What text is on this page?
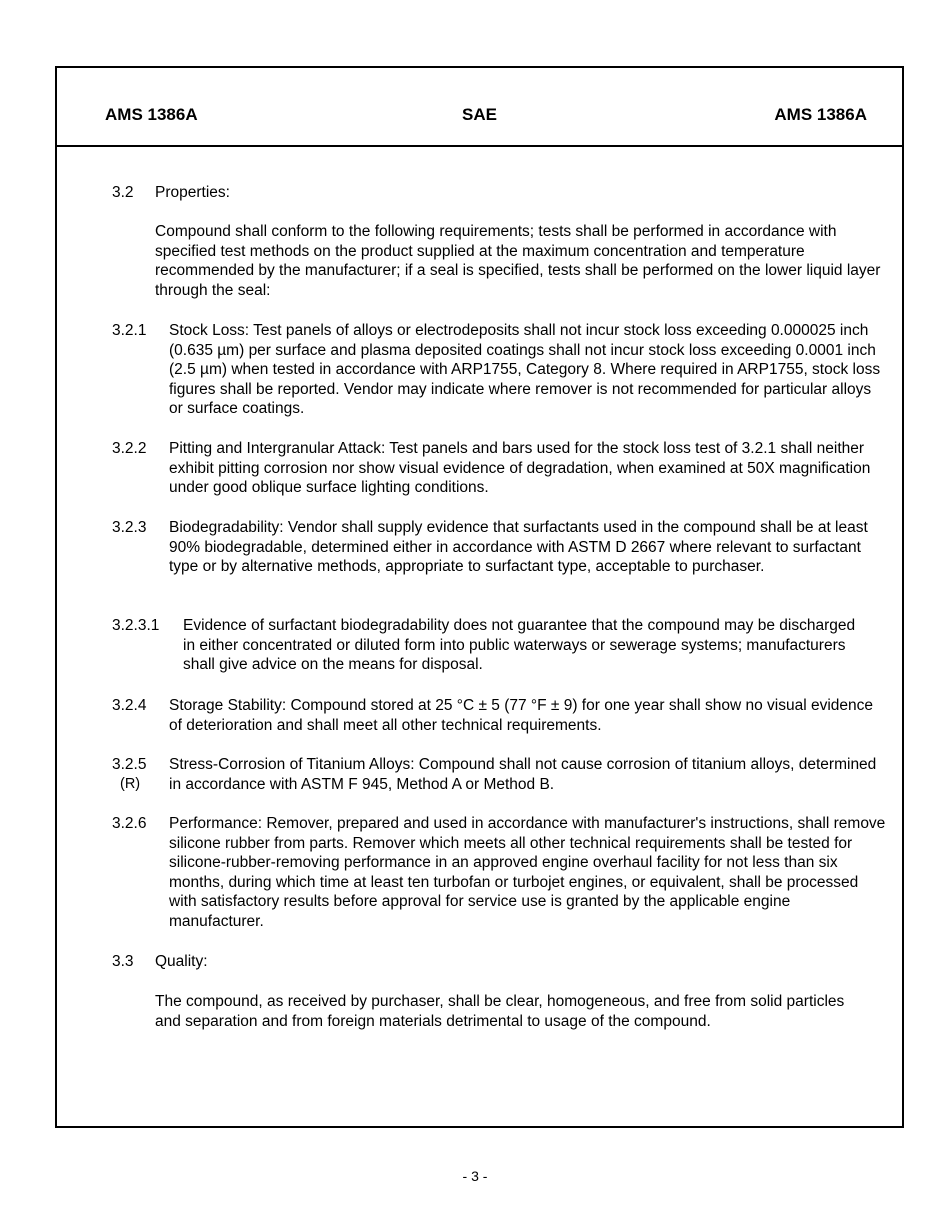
AMS 1386A	SAE	AMS 1386A
3.2 Properties:
Compound shall conform to the following requirements; tests shall be performed in accordance with specified test methods on the product supplied at the maximum concentration and temperature recommended by the manufacturer; if a seal is specified, tests shall be performed on the lower liquid layer through the seal:
3.2.1 Stock Loss: Test panels of alloys or electrodeposits shall not incur stock loss exceeding 0.000025 inch (0.635 µm) per surface and plasma deposited coatings shall not incur stock loss exceeding 0.0001 inch (2.5 µm) when tested in accordance with ARP1755, Category 8. Where required in ARP1755, stock loss figures shall be reported. Vendor may indicate where remover is not recommended for particular alloys or surface coatings.
3.2.2 Pitting and Intergranular Attack: Test panels and bars used for the stock loss test of 3.2.1 shall neither exhibit pitting corrosion nor show visual evidence of degradation, when examined at 50X magnification under good oblique surface lighting conditions.
3.2.3 Biodegradability: Vendor shall supply evidence that surfactants used in the compound shall be at least 90% biodegradable, determined either in accordance with ASTM D 2667 where relevant to surfactant type or by alternative methods, appropriate to surfactant type, acceptable to purchaser.
3.2.3.1 Evidence of surfactant biodegradability does not guarantee that the compound may be discharged in either concentrated or diluted form into public waterways or sewerage systems; manufacturers shall give advice on the means for disposal.
3.2.4 Storage Stability: Compound stored at 25 °C ± 5 (77 °F ± 9) for one year shall show no visual evidence of deterioration and shall meet all other technical requirements.
3.2.5
(R)
Stress-Corrosion of Titanium Alloys: Compound shall not cause corrosion of titanium alloys, determined in accordance with ASTM F 945, Method A or Method B.
3.2.6 Performance: Remover, prepared and used in accordance with manufacturer's instructions, shall remove silicone rubber from parts. Remover which meets all other technical requirements shall be tested for silicone-rubber-removing performance in an approved engine overhaul facility for not less than six months, during which time at least ten turbofan or turbojet engines, or equivalent, shall be processed with satisfactory results before approval for service use is granted by the applicable engine manufacturer.
3.3 Quality:
The compound, as received by purchaser, shall be clear, homogeneous, and free from solid particles and separation and from foreign materials detrimental to usage of the compound.
- 3 -
